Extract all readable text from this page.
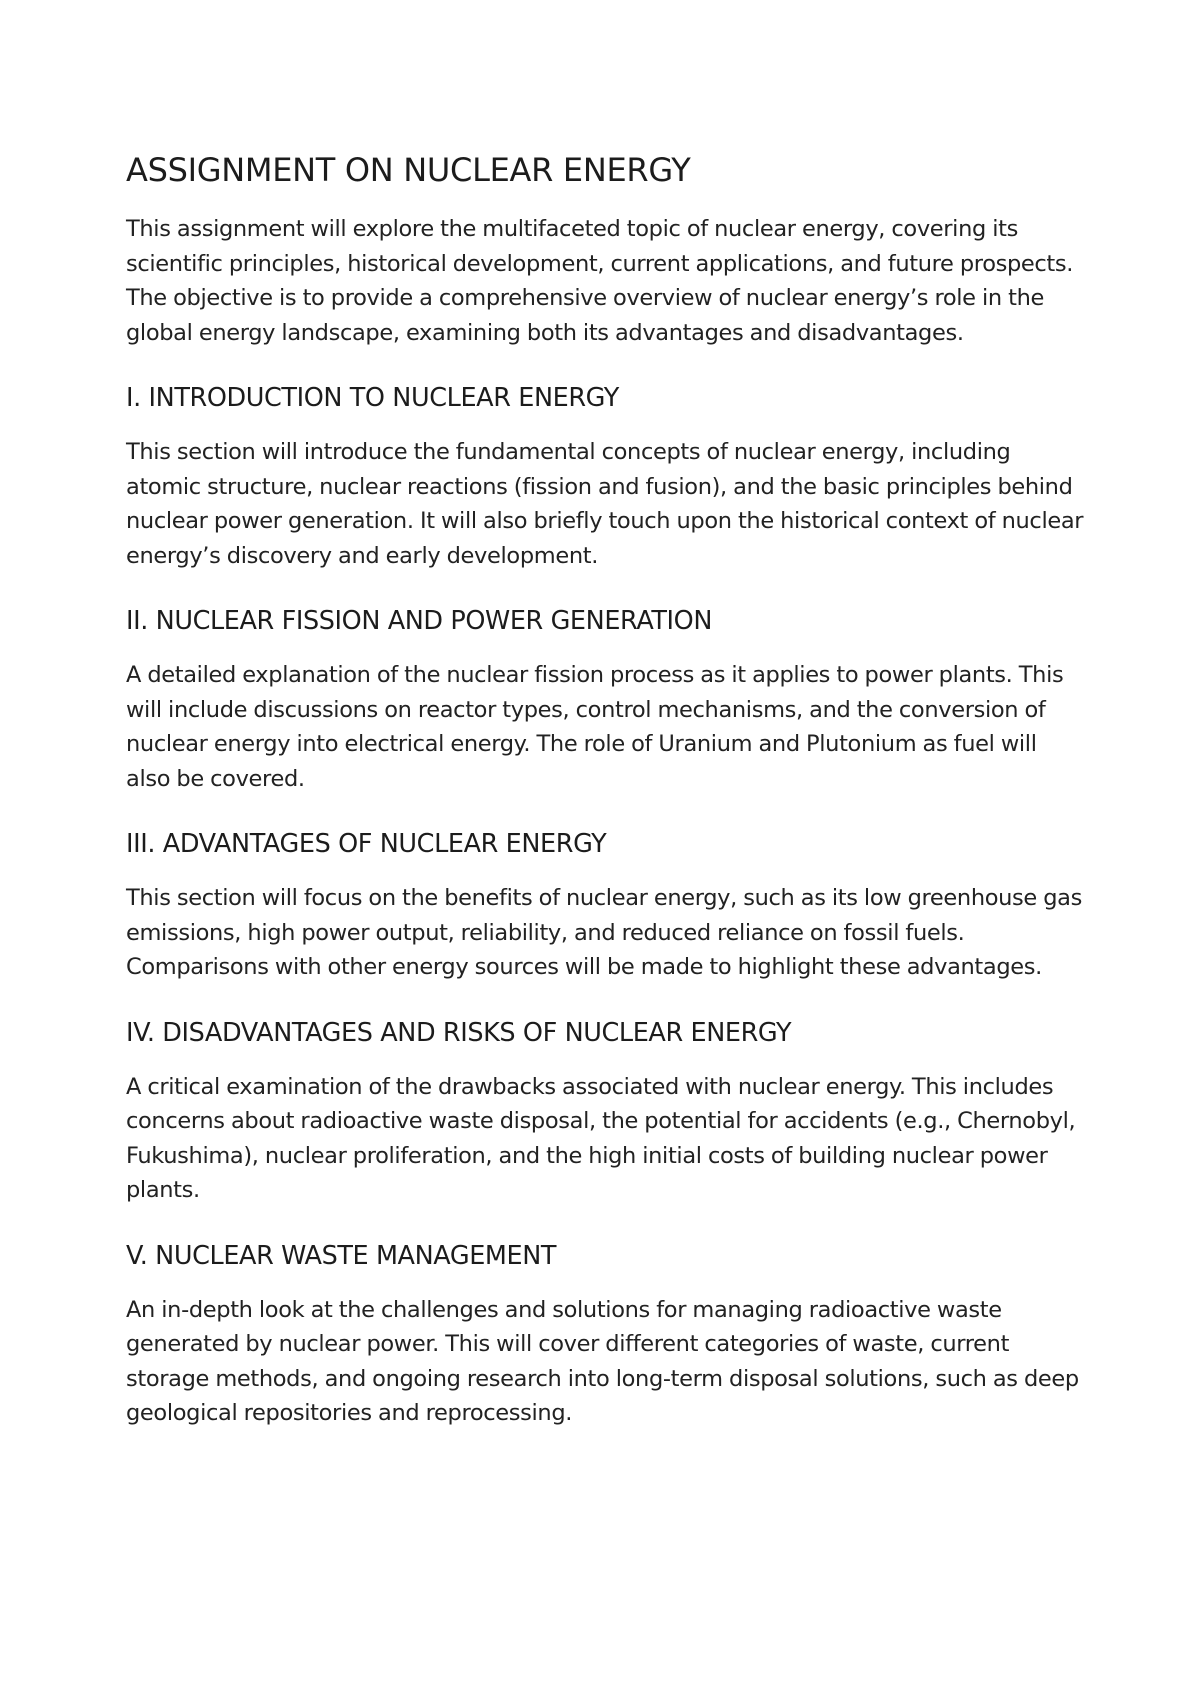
ASSIGNMENT ON NUCLEAR ENERGY

This assignment will explore the multifaceted topic of nuclear energy, covering its scientific principles, historical development, current applications, and future prospects. The objective is to provide a comprehensive overview of nuclear energy’s role in the global energy landscape, examining both its advantages and disadvantages.

I. INTRODUCTION TO NUCLEAR ENERGY

This section will introduce the fundamental concepts of nuclear energy, including atomic structure, nuclear reactions (fission and fusion), and the basic principles behind nuclear power generation. It will also briefly touch upon the historical context of nuclear energy’s discovery and early development.

II. NUCLEAR FISSION AND POWER GENERATION

A detailed explanation of the nuclear fission process as it applies to power plants. This will include discussions on reactor types, control mechanisms, and the conversion of nuclear energy into electrical energy. The role of Uranium and Plutonium as fuel will also be covered.

III. ADVANTAGES OF NUCLEAR ENERGY

This section will focus on the benefits of nuclear energy, such as its low greenhouse gas emissions, high power output, reliability, and reduced reliance on fossil fuels. Comparisons with other energy sources will be made to highlight these advantages.

IV. DISADVANTAGES AND RISKS OF NUCLEAR ENERGY

A critical examination of the drawbacks associated with nuclear energy. This includes concerns about radioactive waste disposal, the potential for accidents (e.g., Chernobyl, Fukushima), nuclear proliferation, and the high initial costs of building nuclear power plants.

V. NUCLEAR WASTE MANAGEMENT

An in-depth look at the challenges and solutions for managing radioactive waste generated by nuclear power. This will cover different categories of waste, current storage methods, and ongoing research into long-term disposal solutions, such as deep geological repositories and reprocessing.
